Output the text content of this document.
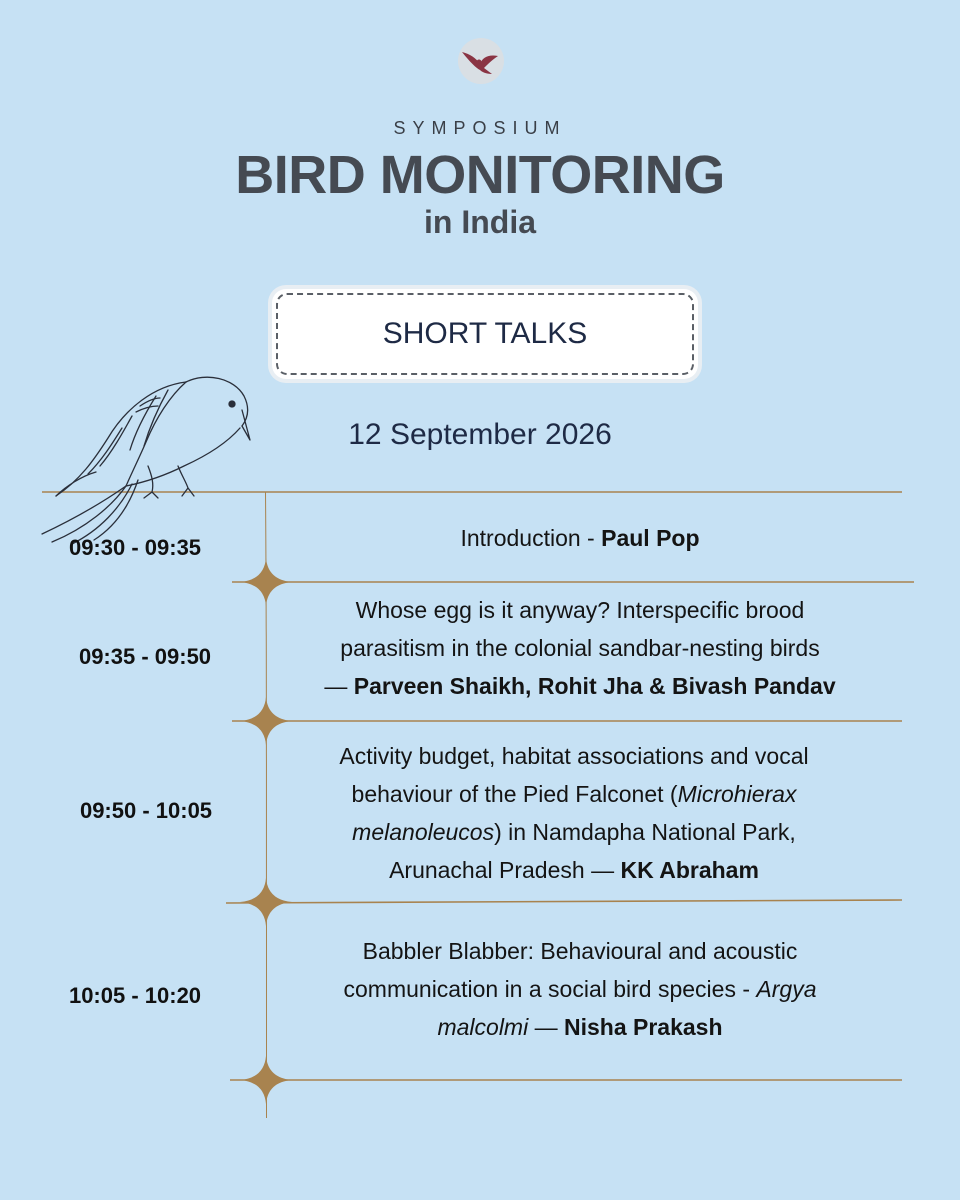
SYMPOSIUM
BIRD MONITORING
in India
SHORT TALKS
12 September 2026
09:30 - 09:35	Introduction - Paul Pop
09:35 - 09:50
Whose egg is it anyway? Interspecific brood
parasitism in the colonial sandbar-nesting birds
— Parveen Shaikh, Rohit Jha & Bivash Pandav
09:50 - 10:05
Activity budget, habitat associations and vocal
behaviour of the Pied Falconet (Microhierax
melanoleucos) in Namdapha National Park,
Arunachal Pradesh — KK Abraham
10:05 - 10:20
Babbler Blabber: Behavioural and acoustic
communication in a social bird species - Argya
malcolmi — Nisha Prakash
